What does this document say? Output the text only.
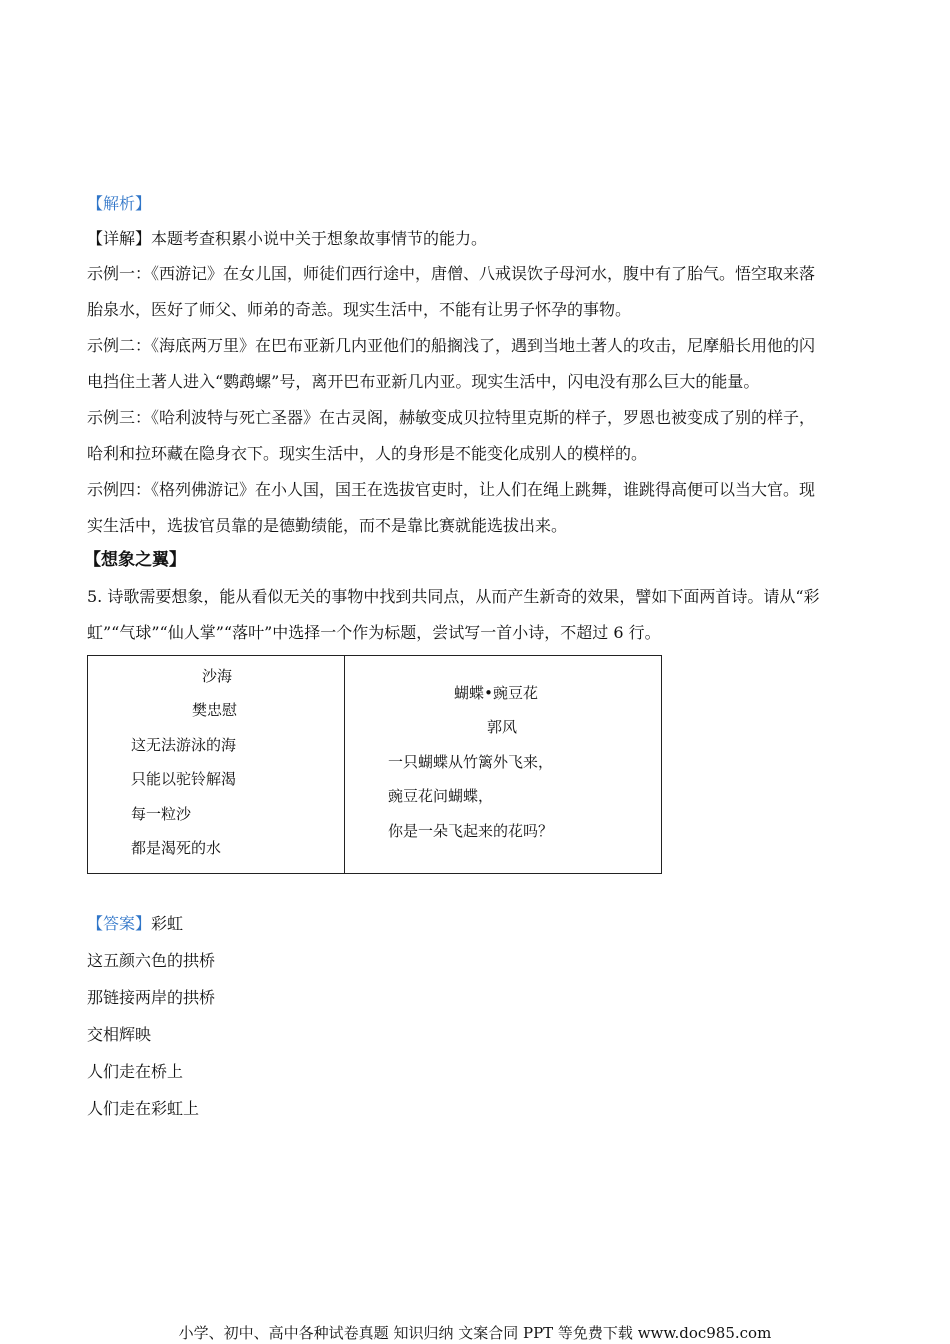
【解析】
【详解】本题考查积累小说中关于想象故事情节的能力。
示例一：《西游记》在女儿国，师徒们西行途中，唐僧、八戒误饮子母河水，腹中有了胎气。悟空取来落
胎泉水，医好了师父、师弟的奇恙。现实生活中，不能有让男子怀孕的事物。
示例二：《海底两万里》在巴布亚新几内亚他们的船搁浅了，遇到当地土著人的攻击，尼摩船长用他的闪
电挡住土著人进入“鹦鹉螺”号，离开巴布亚新几内亚。现实生活中，闪电没有那么巨大的能量。
示例三：《哈利波特与死亡圣器》在古灵阁，赫敏变成贝拉特里克斯的样子，罗恩也被变成了别的样子，
哈利和拉环藏在隐身衣下。现实生活中，人的身形是不能变化成别人的模样的。
示例四：《格列佛游记》在小人国，国王在选拔官吏时，让人们在绳上跳舞，谁跳得高便可以当大官。现
实生活中，选拔官员靠的是德勤绩能，而不是靠比赛就能选拔出来。
【想象之翼】
5. 诗歌需要想象，能从看似无关的事物中找到共同点，从而产生新奇的效果，譬如下面两首诗。请从“彩
虹”“气球”“仙人掌”“落叶”中选择一个作为标题，尝试写一首小诗，不超过 6 行。
沙海
樊忠慰
这无法游泳的海
只能以驼铃解渴
每一粒沙
都是渴死的水
蝴蝶•豌豆花
郭风
一只蝴蝶从竹篱外飞来，
豌豆花问蝴蝶，
你是一朵飞起来的花吗？
【答案】彩虹
这五颜六色的拱桥
那链接两岸的拱桥
交相辉映
人们走在桥上
人们走在彩虹上
小学、初中、高中各种试卷真题 知识归纳 文案合同 PPT 等免费下载 www.doc985.com
